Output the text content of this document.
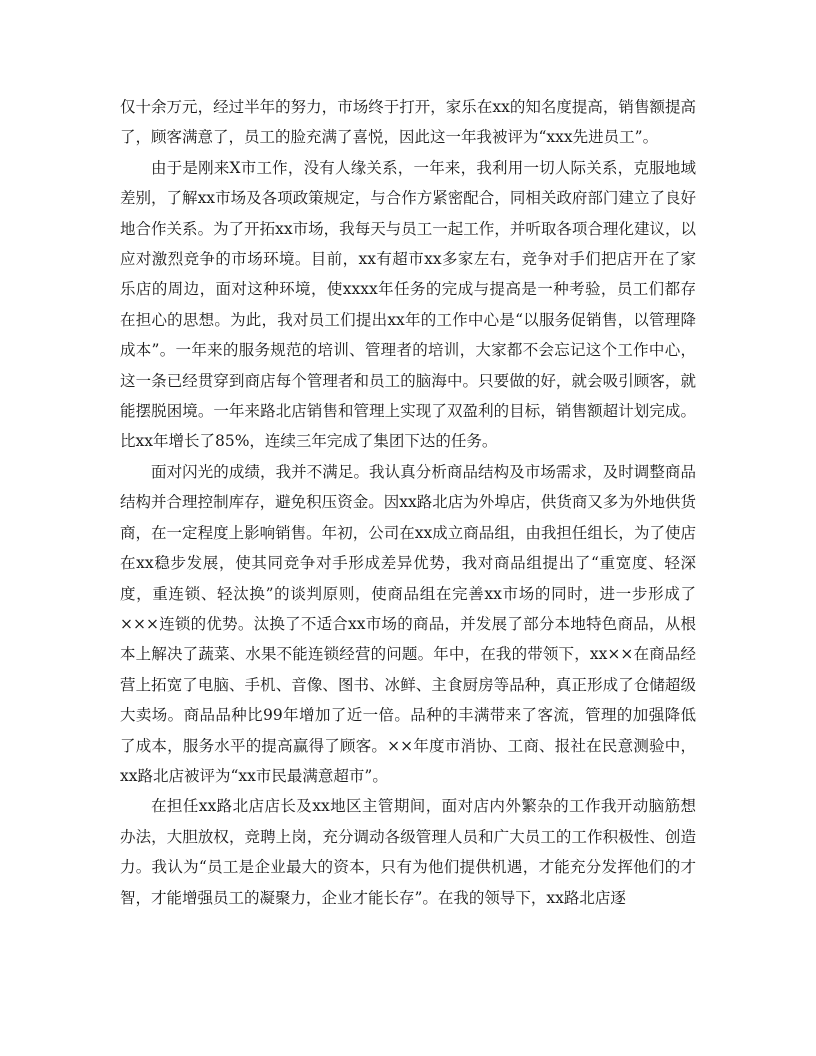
仅十余万元，经过半年的努力，市场终于打开，家乐在xx的知名度提高，销售额提高了，顾客满意了，员工的脸充满了喜悦，因此这一年我被评为“xxx先进员工”。

由于是刚来X市工作，没有人缘关系，一年来，我利用一切人际关系，克服地域差别，了解xx市场及各项政策规定，与合作方紧密配合，同相关政府部门建立了良好地合作关系。为了开拓xx市场，我每天与员工一起工作，并听取各项合理化建议，以应对激烈竞争的市场环境。目前，xx有超市xx多家左右，竞争对手们把店开在了家乐店的周边，面对这种环境，使xxxx年任务的完成与提高是一种考验，员工们都存在担心的思想。为此，我对员工们提出xx年的工作中心是“以服务促销售，以管理降成本”。一年来的服务规范的培训、管理者的培训，大家都不会忘记这个工作中心，这一条已经贯穿到商店每个管理者和员工的脑海中。只要做的好，就会吸引顾客，就能摆脱困境。一年来路北店销售和管理上实现了双盈利的目标，销售额超计划完成。比xx年增长了85%，连续三年完成了集团下达的任务。

面对闪光的成绩，我并不满足。我认真分析商品结构及市场需求，及时调整商品结构并合理控制库存，避免积压资金。因xx路北店为外埠店，供货商又多为外地供货商，在一定程度上影响销售。年初，公司在xx成立商品组，由我担任组长，为了使店在xx稳步发展，使其同竞争对手形成差异优势，我对商品组提出了“重宽度、轻深度，重连锁、轻汰换”的谈判原则，使商品组在完善xx市场的同时，进一步形成了×××连锁的优势。汰换了不适合xx市场的商品，并发展了部分本地特色商品，从根本上解决了蔬菜、水果不能连锁经营的问题。年中，在我的带领下，xx××在商品经营上拓宽了电脑、手机、音像、图书、冰鲜、主食厨房等品种，真正形成了仓储超级大卖场。商品品种比99年增加了近一倍。品种的丰满带来了客流，管理的加强降低了成本，服务水平的提高赢得了顾客。××年度市消协、工商、报社在民意测验中，xx路北店被评为“xx市民最满意超市”。

在担任xx路北店店长及xx地区主管期间，面对店内外繁杂的工作我开动脑筋想办法，大胆放权，竞聘上岗，充分调动各级管理人员和广大员工的工作积极性、创造力。我认为“员工是企业最大的资本，只有为他们提供机遇，才能充分发挥他们的才智，才能增强员工的凝聚力，企业才能长存”。在我的领导下，xx路北店逐
